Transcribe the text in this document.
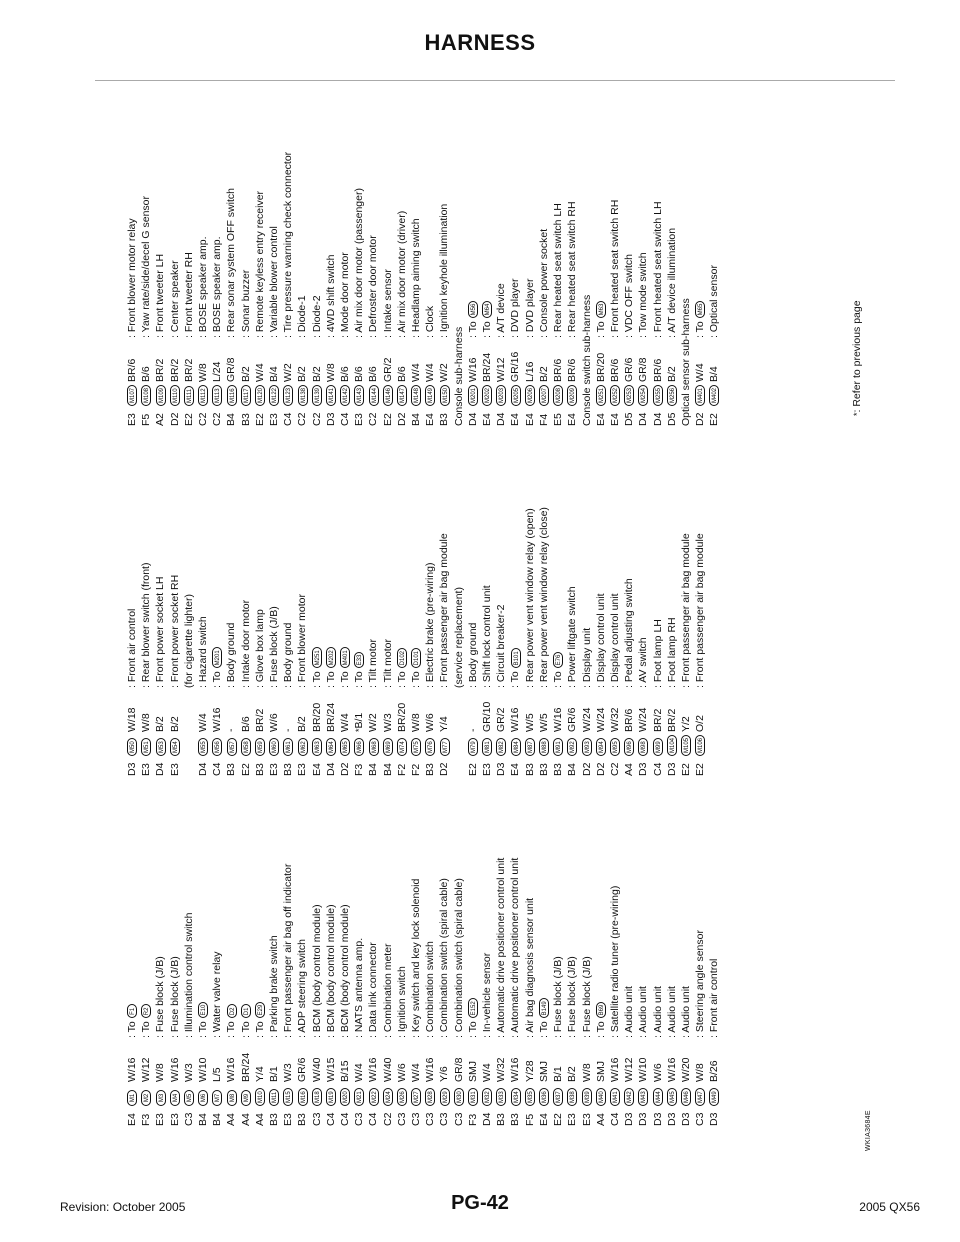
HARNESS
E4
M1
W/16
: To F1
F3
M2
W/12
: To R2
E3
M3
W/8
: Fuse block (J/B)
E3
M4
W/16
: Fuse block (J/B)
C3
M5
W/3
: Illumination control switch
B4
M6
W/10
: To E10
B4
M7
L/5
: Water valve relay
A4
M8
W/16
: To D2
A4
M9
BR/24
: To D1
A4
M10
Y/4
: To E29
B3
M11
B/1
: Parking brake switch
E3
M15
W/3
: Front passenger air bag off indicator
B3
M16
GR/6
: ADP steering switch
C3
M18
W/40
: BCM (body control module)
C4
M19
W/15
: BCM (body control module)
C4
M20
B/15
: BCM (body control module)
C3
M21
W/4
: NATS antenna amp.
C4
M22
W/16
: Data link connector
C2
M24
W/40
: Combination meter
C3
M26
W/6
: Ignition switch
C3
M27
W/4
: Key switch and key lock solenoid
C3
M28
W/16
: Combination switch
C3
M29
Y/6
: Combination switch (spiral cable)
C3
M30
GR/8
: Combination switch (spiral cable)
F3
M31
SMJ
: To E152
D4
M32
W/4
: In-vehicle sensor
B3
M33
W/32
: Automatic drive positioner control unit
B3
M34
W/16
: Automatic drive positioner control unit
F5
M35
Y/28
: Air bag diagnosis sensor unit
E4
M36
SMJ
: To B149
E2
M37
B/1
: Fuse block (J/B)
E3
M38
B/2
: Fuse block (J/B)
E3
M39
W/8
: Fuse block (J/B)
A4
M40
SMJ
: To B69
C4
M41
W/16
: Satellite radio tuner (pre-wiring)
D3
M42
W/12
: Audio unit
D3
M43
W/10
: Audio unit
D3
M44
W/6
: Audio unit
D3
M45
W/16
: Audio unit
D3
M46
W/20
: Audio unit
C3
M47
W/8
: Steering angle sensor
D3
M49
B/26
: Front air control
D3
M50
W/18
: Front air control
E3
M51
W/8
: Rear blower switch (front)
D4
M53
B/2
: Front power socket LH
E3
M54
B/2
: Front power socket RH (for cigarette lighter)
D4
M55
W/4
: Hazard switch
C4
M56
W/16
: To M201
B3
M57
-
: Body ground
E2
M58
B/6
: Intake door motor
B3
M59
BR/2
: Glove box lamp
E3
M60
W/6
: Fuse block (J/B)
B3
M61
-
: Body ground
E3
M62
B/2
: Front blower motor
E4
M63
BR/20
: To M251
D4
M64
BR/24
: To M202
D2
M65
W/4
: To M401
F3
M66
*B/1
: To E33
B4
M68
W/2
: Tilt motor
B4
M69
W/3
: Tilt motor
F2
M74
BR/20
: To D102
F2
M75
W/8
: To D101
B3
M76
W/6
: Electric brake (pre-wiring)
D2
M77
Y/4
: Front passenger air bag module (service replacement)
E2
M79
-
: Body ground
E3
M81
GR/10
: Shift lock control unit
D3
M82
GR/2
: Circuit breaker-2
E4
M84
W/16
: To B101
B3
M87
W/5
: Rear power vent window relay (open)
B3
M88
W/5
: Rear power vent window relay (close)
B3
M91
W/16
: To E76
B4
M92
GR/6
: Power liftgate switch
D2
M93
W/24
: Display unit
D2
M94
W/24
: Display control unit
C2
M95
W/32
: Display control unit
A4
M96
BR/6
: Pedal adjusting switch
D3
M98
W/24
: AV switch
C4
M99
BR/2
: Foot lamp LH
D3
M104
BR/2
: Foot lamp RH
E2
M105
Y/2
: Front passenger air bag module
E2
M106
O/2
: Front passenger air bag module
E3
M107
BR/6
: Front blower motor relay
F5
M108
B/6
: Yaw rate/side/decel G sensor
A2
M109
BR/2
: Front tweeter LH
D2
M110
BR/2
: Center speaker
E2
M111
BR/2
: Front tweeter RH
C2
M112
W/8
: BOSE speaker amp.
C2
M113
L/24
: BOSE speaker amp.
B4
M116
GR/8
: Rear sonar system OFF switch
B3
M117
B/2
: Sonar buzzer
E2
M120
W/4
: Remote keyless entry receiver
E3
M122
B/4
: Variable blower control
C4
M123
W/2
: Tire pressure warning check connector
C2
M138
B/2
: Diode-1
C2
M139
B/2
: Diode-2
D3
M141
W/8
: 4WD shift switch
C4
M142
B/6
: Mode door motor
E3
M143
B/6
: Air mix door motor (passenger)
C2
M144
B/6
: Defroster door motor
E2
M146
GR/2
: Intake sensor
D2
M147
B/6
: Air mix door motor (driver)
B4
M148
W/4
: Headlamp aiming switch
E4
M149
W/4
: Clock
B3
M150
W/2
: Ignition keyhole illumination
Console sub-harness D4
M201
W/16
: To M56
E4
M202
BR/24
: To M64
D4
M203
W/12
: A/T device
E4
M205
GR/16
: DVD player
E4
M206
L/16
: DVD player
F4
M207
B/2
: Console power socket
E5
M208
BR/6
: Rear heated seat switch LH
E4
M209
BR/6
: Rear heated seat switch RH
Console switch sub-harness E4
M251
BR/20
: To M63
E4
M252
BR/6
: Front heated seat switch RH
D5
M253
GR/6
: VDC OFF switch
D4
M254
GR/8
: Tow mode switch
D4
M255
BR/6
: Front heated seat switch LH
D5
M256
B/2
: A/T device illumination
Optical sensor sub-harness D2
M401
W/4
: To M65
E2
M402
B/4
: Optical sensor
*: Refer to previous page
WKIA3684E
Revision: October 2005	PG-42	2005 QX56
